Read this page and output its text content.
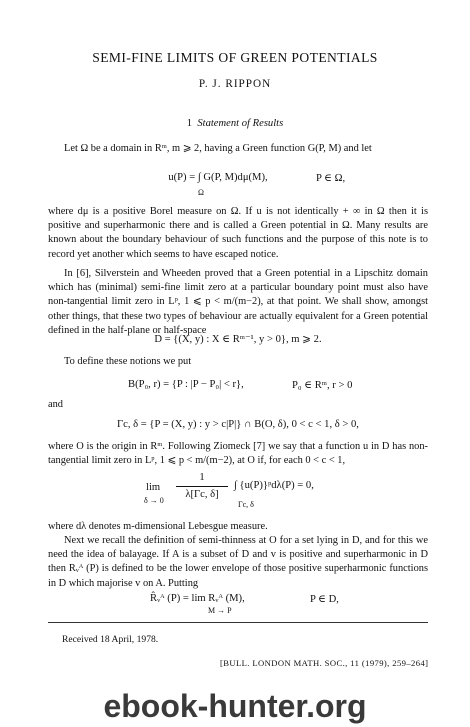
SEMI-FINE LIMITS OF GREEN POTENTIALS
P. J. RIPPON
1 Statement of Results
Let Ω be a domain in Rᵐ, m ⩾ 2, having a Green function G(P, M) and let
u(P) = ∫ G(P, M)dμ(M),	P ∈ Ω,
Ω
where dμ is a positive Borel measure on Ω. If u is not identically + ∞ in Ω then it is positive and superharmonic there and is called a Green potential in Ω. Many results are known about the boundary behaviour of such functions and the purpose of this note is to record yet another which seems to have escaped notice.
In [6], Silverstein and Wheeden proved that a Green potential in a Lipschitz domain which has (minimal) semi-fine limit zero at a particular boundary point must also have non-tangential limit zero in Lᵖ, 1 ⩽ p < m/(m−2), at that point. We shall show, amongst other things, that these two types of behaviour are actually equivalent for a Green potential defined in the half-plane or half-space
D = {(X, y) : X ∈ Rᵐ⁻¹, y > 0}, m ⩾ 2.
To define these notions we put
B(P₀, r) = {P : |P − P₀| < r},	P₀ ∈ Rᵐ, r > 0
and
Γc, δ = {P = (X, y) : y > c|P|} ∩ B(O, δ), 0 < c < 1, δ > 0,
where O is the origin in Rᵐ. Following Ziomeck [7] we say that a function u in D has non-tangential limit zero in Lᵖ, 1 ⩽ p < m/(m−2), at O if, for each 0 < c < 1,
lim
δ → 0
1
λ[Γc, δ]
∫ {u(P)}ᵖdλ(P) = 0,
Γc, δ
where dλ denotes m-dimensional Lebesgue measure.
Next we recall the definition of semi-thinness at O for a set lying in D, and for this we need the idea of balayage. If A is a subset of D and v is positive and superharmonic in D then Rᵥᴬ (P) is defined to be the lower envelope of those positive superharmonic functions in D which majorise v on A. Putting
R̂ᵥᴬ (P) = lim Rᵥᴬ (M),
M → P
P ∈ D,
Received 18 April, 1978.
[BULL. LONDON MATH. SOC., 11 (1979), 259–264]
ebook-hunter.org
